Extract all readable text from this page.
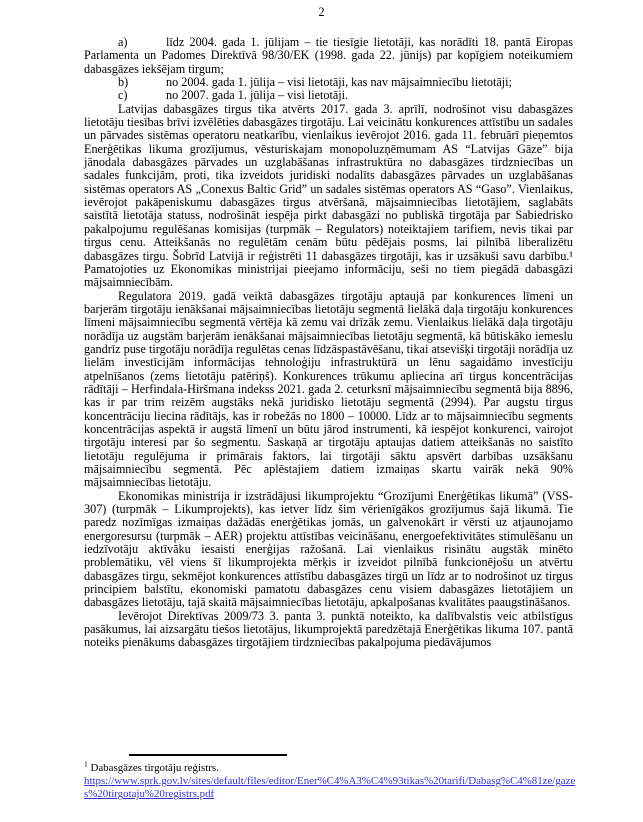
2

a)	līdz 2004. gada 1. jūlijam – tie tiesīgie lietotāji, kas norādīti 18. pantā Eiropas Parlamenta un Padomes Direktīvā 98/30/EK (1998. gada 22. jūnijs) par kopīgiem noteikumiem dabasgāzes iekšējam tirgum;

b)	no 2004. gada 1. jūlija – visi lietotāji, kas nav mājsaimniecību lietotāji;

c)	no 2007. gada 1. jūlija – visi lietotāji.

Latvijas dabasgāzes tirgus tika atvērts 2017. gada 3. aprīlī, nodrošinot visu dabasgāzes lietotāju tiesības brīvi izvēlēties dabasgāzes tirgotāju. Lai veicinātu konkurences attīstību un sadales un pārvades sistēmas operatoru neatkarību, vienlaikus ievērojot 2016. gada 11. februārī pieņemtos Enerģētikas likuma grozījumus, vēsturiskajam monopoluzņēmumam AS “Latvijas Gāze” bija jānodala dabasgāzes pārvades un uzglabāšanas infrastruktūra no dabasgāzes tirdzniecības un sadales funkcijām, proti, tika izveidots juridiski nodalīts dabasgāzes pārvades un uzglabāšanas sistēmas operators AS „Conexus Baltic Grid” un sadales sistēmas operators AS “Gaso”. Vienlaikus, ievērojot pakāpeniskumu dabasgāzes tirgus atvēršanā, mājsaimniecības lietotājiem, saglabāts saistītā lietotāja statuss, nodrošināt iespēja pirkt dabasgāzi no publiskā tirgotāja par Sabiedrisko pakalpojumu regulēšanas komisijas (turpmāk – Regulators) noteiktajiem tarifiem, nevis tikai par tirgus cenu. Atteikšanās no regulētām cenām būtu pēdējais posms, lai pilnībā liberalizētu dabasgāzes tirgu. Šobrīd Latvijā ir reģistrēti 11 dabasgāzes tirgotāji, kas ir uzsākuši savu darbību.¹ Pamatojoties uz Ekonomikas ministrijai pieejamo informāciju, seši no tiem piegādā dabasgāzi mājsaimniecībām.

Regulatora 2019. gadā veiktā dabasgāzes tirgotāju aptaujā par konkurences līmeni un barjerām tirgotāju ienākšanai mājsaimniecības lietotāju segmentā lielākā daļa tirgotāju konkurences līmeni mājsaimniecību segmentā vērtēja kā zemu vai drīzāk zemu. Vienlaikus lielākā daļa tirgotāju norādīja uz augstām barjerām ienākšanai mājsaimniecības lietotāju segmentā, kā būtiskāko iemeslu gandrīz puse tirgotāju norādīja regulētas cenas līdzāspastāvēšanu, tikai atsevišķi tirgotāji norādīja uz lielām investīcijām informācijas tehnoloģiju infrastruktūrā un lēnu sagaidāmo investīciju atpelnīšanos (zems lietotāju patēriņš). Konkurences trūkumu apliecina arī tirgus koncentrācijas rādītāji – Herfindala-Hiršmana indekss 2021. gada 2. ceturksnī mājsaimniecību segmentā bija 8896, kas ir par trim reizēm augstāks nekā juridisko lietotāju segmentā (2994). Par augstu tirgus koncentrāciju liecina rādītājs, kas ir robežās no 1800 – 10000. Līdz ar to mājsaimniecību segments koncentrācijas aspektā ir augstā līmenī un būtu jārod instrumenti, kā iespējot konkurenci, vairojot tirgotāju interesi par šo segmentu. Saskaņā ar tirgotāju aptaujas datiem atteikšanās no saistīto lietotāju regulējuma ir primārais faktors, lai tirgotāji sāktu apsvērt darbības uzsākšanu mājsaimniecību segmentā. Pēc aplēstajiem datiem izmaiņas skartu vairāk nekā 90% mājsaimniecības lietotāju.

Ekonomikas ministrija ir izstrādājusi likumprojektu “Grozījumi Enerģētikas likumā” (VSS-307) (turpmāk – Likumprojekts), kas ietver līdz šim vērienīgākos grozījumus šajā likumā. Tie paredz nozīmīgas izmaiņas dažādās enerģētikas jomās, un galvenokārt ir vērsti uz atjaunojamo energoresursu (turpmāk – AER) projektu attīstības veicināšanu, energoefektivitātes stimulēšanu un iedzīvotāju aktīvāku iesaisti enerģijas ražošanā. Lai vienlaikus risinātu augstāk minēto problemātiku, vēl viens šī likumprojekta mērķis ir izveidot pilnībā funkcionējošu un atvērtu dabasgāzes tirgu, sekmējot konkurences attīstību dabasgāzes tirgū un līdz ar to nodrošinot uz tirgus principiem balstītu, ekonomiski pamatotu dabasgāzes cenu visiem dabasgāzes lietotājiem un dabasgāzes lietotāju, tajā skaitā mājsaimniecības lietotāju, apkalpošanas kvalitātes paaugstināšanos.

Ievērojot Direktīvas 2009/73 3. panta 3. punktā noteikto, ka dalībvalstis veic atbilstīgus pasākumus, lai aizsargātu tiešos lietotājus, likumprojektā paredzētajā Enerģētikas likuma 107. pantā noteiks pienākums dabasgāzes tirgotājiem tirdzniecības pakalpojuma piedāvājumos

$^1$ Dabasgāzes tirgotāju reģistrs.
https://www.sprk.gov.lv/sites/default/files/editor/Ener%C4%A3%C4%93tikas%20tarifi/Dabasg%C4%81ze/gazes%20tirgotaju%20registrs.pdf
